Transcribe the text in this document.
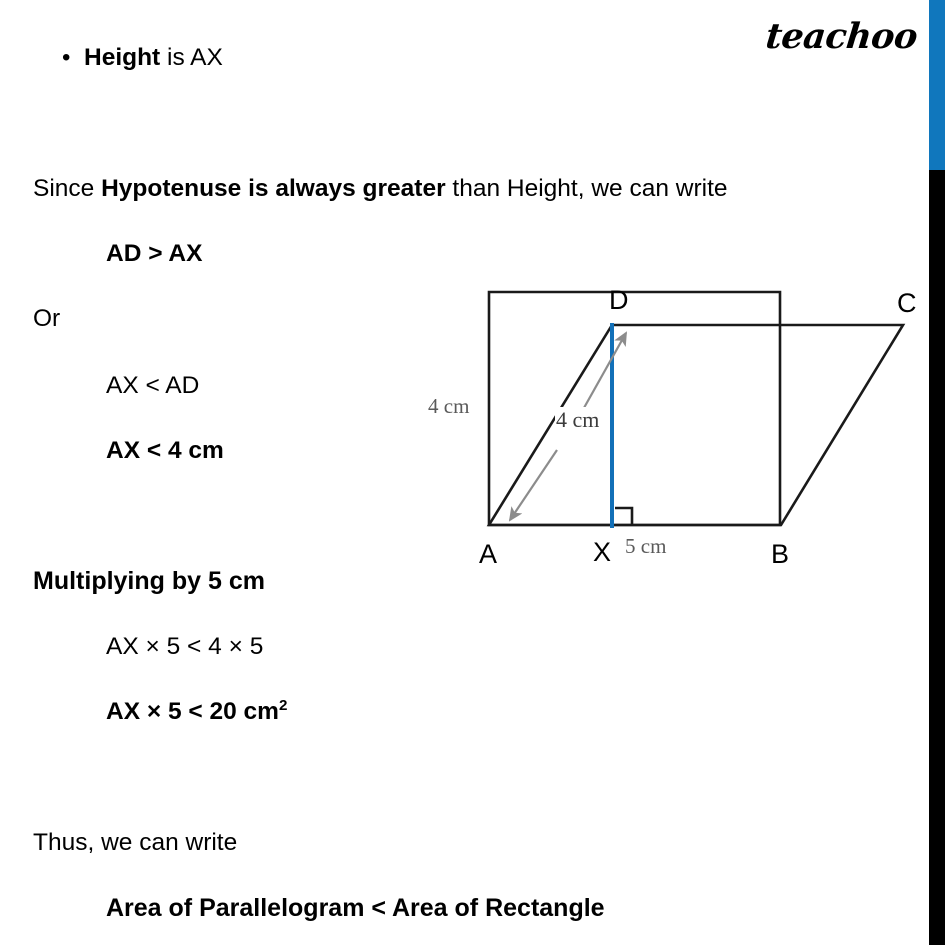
teachoo
• Height is AX
Since Hypotenuse is always greater than Height, we can write
AD > AX
Or
AX < AD
AX < 4 cm
Multiplying by 5 cm
AX × 5 < 4 × 5
AX × 5 < 20 $cm^2$
Thus, we can write
Area of Parallelogram < Area of Rectangle
D	C
A	X	B
4 cm
4 cm
5 cm
